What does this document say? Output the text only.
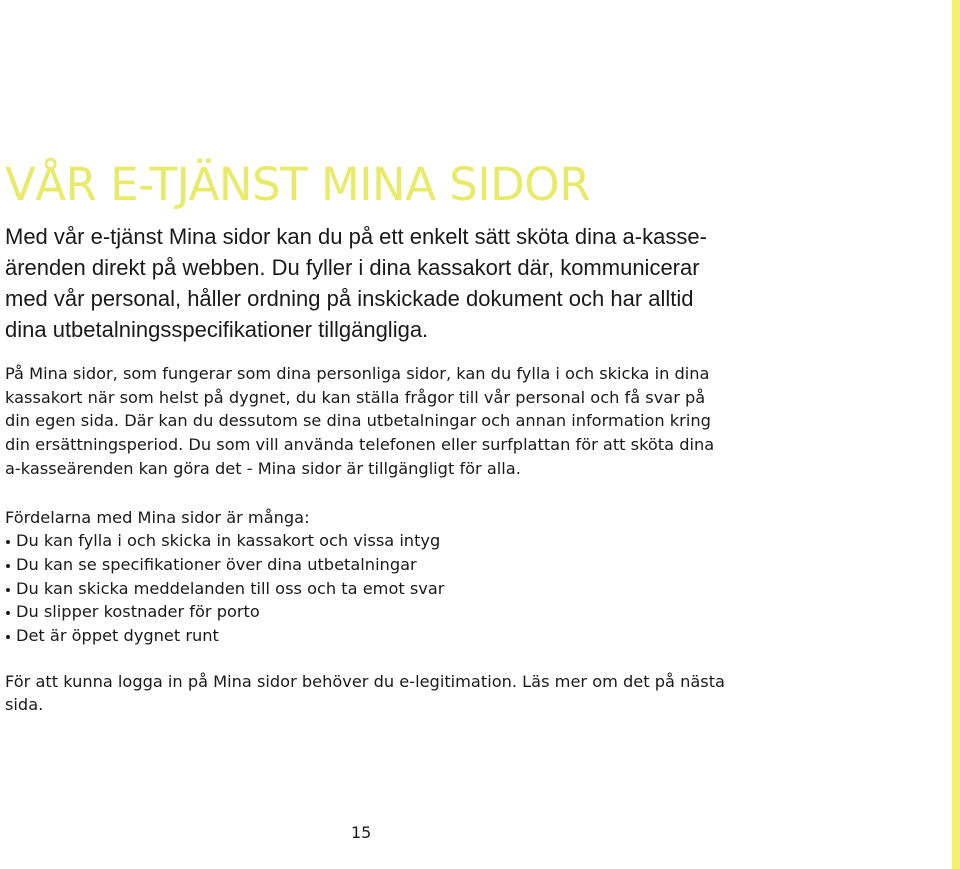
VÅR E-TJÄNST MINA SIDOR

Med vår e-tjänst Mina sidor kan du på ett enkelt sätt sköta dina a-kasse-
ärenden direkt på webben. Du fyller i dina kassakort där, kommunicerar
med vår personal, håller ordning på inskickade dokument och har alltid
dina utbetalningsspecifikationer tillgängliga.

På Mina sidor, som fungerar som dina personliga sidor, kan du fylla i och skicka in dina
kassakort när som helst på dygnet, du kan ställa frågor till vår personal och få svar på
din egen sida. Där kan du dessutom se dina utbetalningar och annan information kring
din ersättningsperiod. Du som vill använda telefonen eller surfplattan för att sköta dina
a-kasseärenden kan göra det - Mina sidor är tillgängligt för alla.

Fördelarna med Mina sidor är många:

Du kan fylla i och skicka in kassakort och vissa intyg
Du kan se specifikationer över dina utbetalningar
Du kan skicka meddelanden till oss och ta emot svar
Du slipper kostnader för porto
Det är öppet dygnet runt

För att kunna logga in på Mina sidor behöver du e-legitimation. Läs mer om det på nästa
sida.

15
